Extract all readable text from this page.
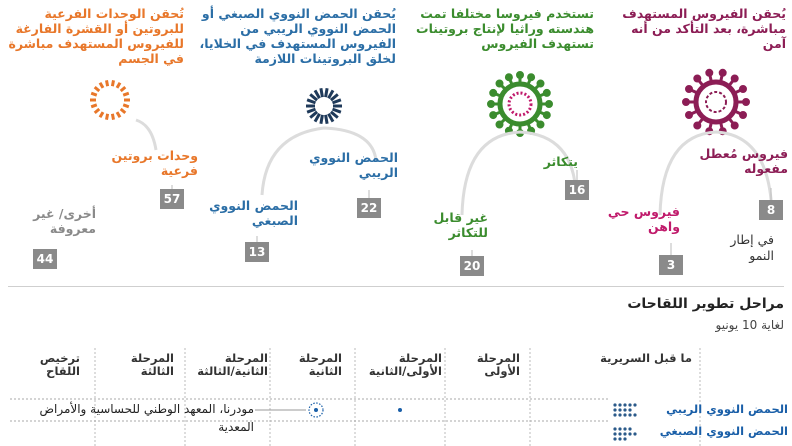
يُحقن الفيروس المستهدف مباشرة، بعد التأكد من أنه آمن
تستخدم فيروسا مختلفا تمت هندسته وراثيا لإنتاج بروتينات تستهدف الفيروس
يُحقن الحمض النووي الصبغي أو الحمض النووي الريبي من الفيروس المستهدف في الخلايا، لخلق البروتينات اللازمة
تُحقن الوحدات الفرعية للبروتين أو القشرة الفارغة للفيروس المستهدف مباشرة في الجسم
فيروس مُعطل مفعوله
فيروس حي واهن
في إطار النمو
يتكاثر
غير قابل للتكاثر
الحمض النووي الريبي
الحمض النووي الصبغي
وحدات بروتين فرعية
أخرى/ غير معروفة
8
3
16
20
22
13
57
44
مراحل تطوير اللقاحات
لغاية 10 يونيو
ما قبل السريرية
المرحلة الأولى
المرحلة الأولى/الثانية
المرحلة الثانية
المرحلة الثانية/الثالثة
المرحلة الثالثة
ترخيص اللقاح
الحمض النووي الريبي
الحمض النووي الصبغي
مودرنا، المعهد الوطني للحساسية والأمراض المعدية
